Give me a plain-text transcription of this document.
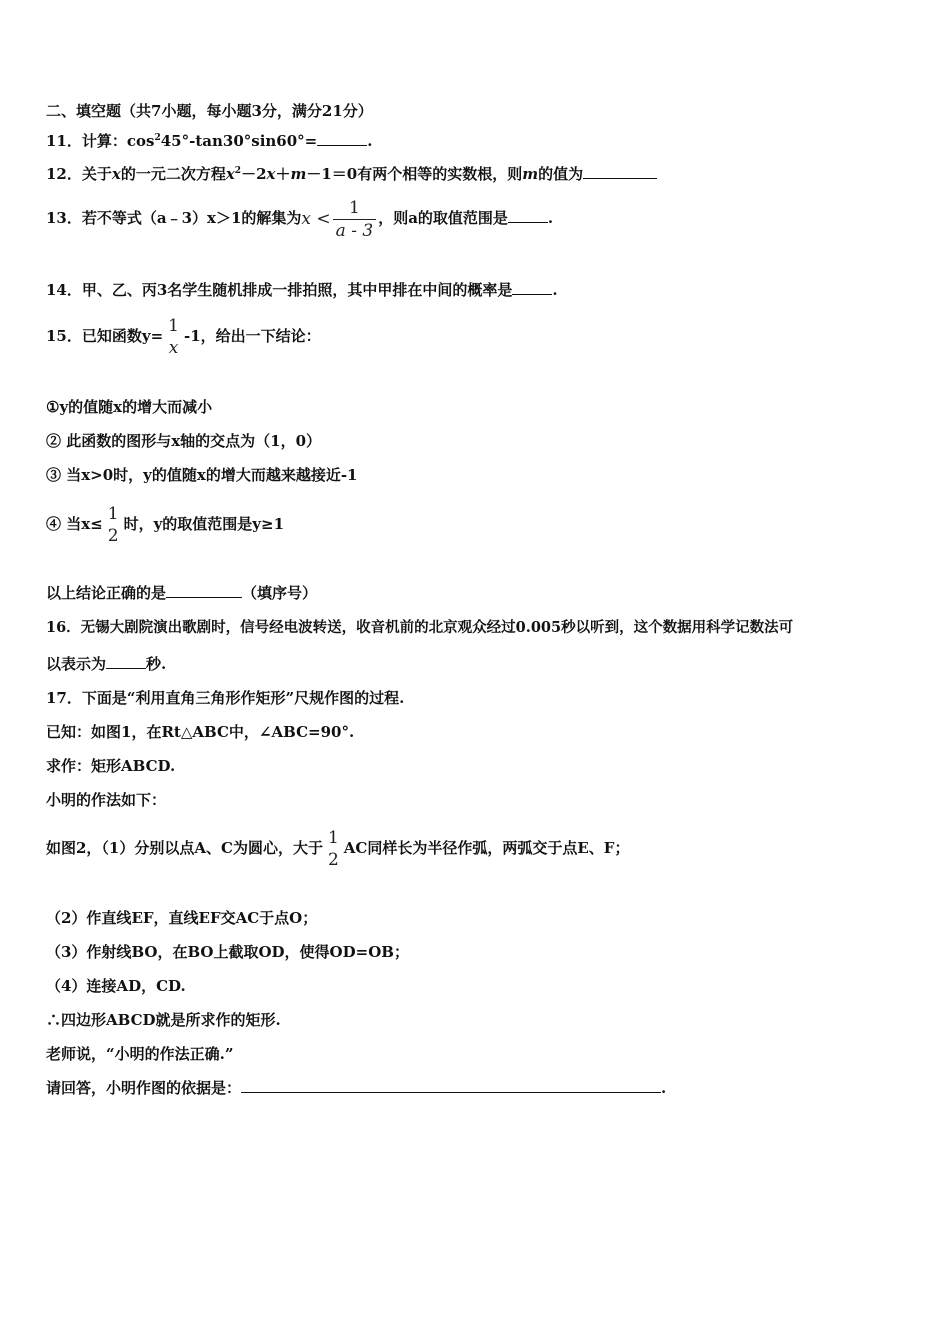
二、填空题（共7小题，每小题3分，满分21分）
11．计算：$\cos^245^\circ-\tan 30^\circ\sin 60^\circ=$	.
12．关于x的一元二次方程$x^2-2x+m-1=0$有两个相等的实数根，则m的值为
13．若不等式（a﹣3）x＞1的解集为$x < \frac{1}{a - 3}$ ，则a的取值范围是	.
14．甲、乙、丙3名学生随机排成一排拍照，其中甲排在中间的概率是	.
15．已知函数y= 1
x
-1，给出一下结论：
①y的值随x的增大而减小
② 此函数的图形与x轴的交点为（1，0）
③ 当x>0时，y的值随x的增大而越来越接近-1
④ 当x≤ 1
2
时，y的取值范围是y≥1
以上结论正确的是	（填序号）
16．无锡大剧院演出歌剧时，信号经电波转送，收音机前的北京观众经过0.005秒以听到，这个数据用科学记数法可
以表示为	秒.
17．下面是“利用直角三角形作矩形”尺规作图的过程.
已知：如图1，在Rt△ABC中，∠ABC=90°.
求作：矩形ABCD.
小明的作法如下：
如图2，（1）分别以点A、C为圆心，大于 1
2
AC同样长为半径作弧，两弧交于点E、F；
（2）作直线EF，直线EF交AC于点O；
（3）作射线BO，在BO上截取OD，使得OD=OB；
（4）连接AD，CD.
∴四边形ABCD就是所求作的矩形.
老师说，“小明的作法正确.”
请回答，小明作图的依据是：	.
